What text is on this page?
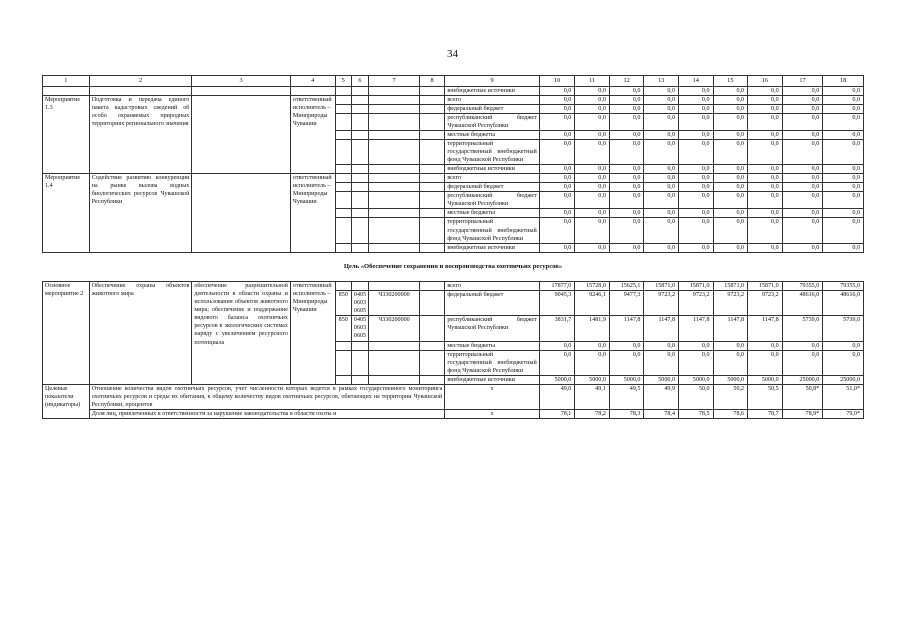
34
1	2	3	4	5	6	7	8	9	10	11	12	13	14	15	16	17	18
								внебюджетные источники	0,0	0,0	0,0	0,0	0,0	0,0	0,0	0,0	0,0
Мероприятие 1.3	Подготовка и передача единого пакета кадастровых сведений об особо охраняемых природных территориях регионального значения		ответственный исполнитель – Минприроды Чувашии					всего	0,0	0,0	0,0	0,0	0,0	0,0	0,0	0,0	0,0
								федеральный бюджет	0,0	0,0	0,0	0,0	0,0	0,0	0,0	0,0	0,0
								республиканский бюджет Чувашской Республики	0,0	0,0	0,0	0,0	0,0	0,0	0,0	0,0	0,0
								местные бюджеты	0,0	0,0	0,0	0,0	0,0	0,0	0,0	0,0	0,0
								территориальный государственный внебюджетный фонд Чувашской Республики	0,0	0,0	0,0	0,0	0,0	0,0	0,0	0,0	0,0
								внебюджетные источники	0,0	0,0	0,0	0,0	0,0	0,0	0,0	0,0	0,0
Мероприятие 1.4	Содействие развитию конкуренции на рынке вылова водных биологических ресурсов Чувашской Республики		ответственный исполнитель – Минприроды Чувашии					всего	0,0	0,0	0,0	0,0	0,0	0,0	0,0	0,0	0,0
								федеральный бюджет	0,0	0,0	0,0	0,0	0,0	0,0	0,0	0,0	0,0
								республиканский бюджет Чувашской Республики	0,0	0,0	0,0	0,0	0,0	0,0	0,0	0,0	0,0
								местные бюджеты	0,0	0,0	0,0	0,0	0,0	0,0	0,0	0,0	0,0
								территориальный государственный внебюджетный фонд Чувашской Республики	0,0	0,0	0,0	0,0	0,0	0,0	0,0	0,0	0,0
								внебюджетные источники	0,0	0,0	0,0	0,0	0,0	0,0	0,0	0,0	0,0
Цель «Обеспечение сохранения и воспроизводства охотничьих ресурсов»																	
Основное мероприятие 2	Обеспечение охраны объектов животного мира	обеспечение разрешительной деятельности в области охраны и использования объектов животного мира; обеспечение и поддержание видового баланса охотничьих ресурсов в экологических системах наряду с увеличением ресурсного потенциала	ответственный исполнитель – Минприроды Чувашии					всего	17877,0	15728,0	15625,1	15871,0	15871,0	15871,0	15871,0	79355,0	79355,0
				850	0405 0603 0605	Ч330200000		федеральный бюджет	9045,3	9246,1	9477,3	9723,2	9723,2	9723,2	9723,2	48616,0	48616,0
				850	0405 0603 0605	Ч330200000		республиканский бюджет Чувашской Республики	3831,7	1481,9	1147,8	1147,8	1147,8	1147,8	1147,8	5739,0	5739,0
								местные бюджеты	0,0	0,0	0,0	0,0	0,0	0,0	0,0	0,0	0,0
								территориальный государственный внебюджетный фонд Чувашской Республики	0,0	0,0	0,0	0,0	0,0	0,0	0,0	0,0	0,0
								внебюджетные источники	5000,0	5000,0	5000,0	5000,0	5000,0	5000,0	5000,0	25000,0	25000,0
Целевые показатели (индикаторы)	Отношение количества видов охотничьих ресурсов, учет численности которых ведется в рамках государственного мониторинга охотничьих ресурсов и среды их обитания, к общему количеству видов охотничьих ресурсов, обитающих на территории Чувашской Республики, процентов							x	49,0	49,1	49,5	49,9	50,0	50,2	50,5	50,8*	51,0*
	Доля лиц, привлеченных к ответственности за нарушение законодательства в области охоты и							x	78,1	78,2	78,3	78,4	78,5	78,6	78,7	78,9*	79,0*
